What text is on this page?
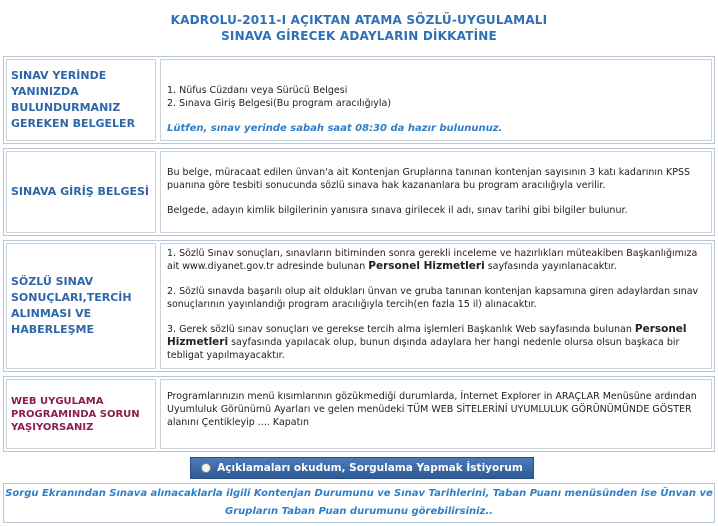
KADROLU-2011-I AÇIKTAN ATAMA SÖZLÜ-UYGULAMALI
SINAVA GİRECEK ADAYLARIN DİKKATİNE
SINAV YERİNDE YANINIZDA BULUNDURMANIZ GEREKEN BELGELER

1. Nüfus Cüzdanı veya Sürücü Belgesi

2. Sınava Giriş Belgesi(Bu program aracılığıyla)

Lütfen, sınav yerinde sabah saat 08:30 da hazır bulununuz.

SINAVA GİRİŞ BELGESİ

Bu belge, müracaat edilen ünvan'a ait Kontenjan Gruplarına tanınan kontenjan sayısının 3 katı kadarının KPSS puanına göre tesbiti sonucunda sözlü sınava hak kazananlara bu program aracılığıyla verilir.

Belgede, adayın kimlik bilgilerinin yanısıra sınava girilecek il adı, sınav tarihi gibi bilgiler bulunur.

SÖZLÜ SINAV SONUÇLARI,TERCİH ALINMASI VE HABERLEŞME

1. Sözlü Sınav sonuçları, sınavların bitiminden sonra gerekli inceleme ve hazırlıkları müteakiben Başkanlığımıza ait www.diyanet.gov.tr adresinde bulunan Personel Hizmetleri sayfasında yayınlanacaktır.

2. Sözlü sınavda başarılı olup ait oldukları ünvan ve gruba tanınan kontenjan kapsamına giren adaylardan sınav sonuçlarının yayınlandığı program aracılığıyla tercih(en fazla 15 il) alınacaktır.

3. Gerek sözlü sınav sonuçları ve gerekse tercih alma işlemleri Başkanlık Web sayfasında bulunan Personel Hizmetleri sayfasında yapılacak olup, bunun dışında adaylara her hangi nedenle olursa olsun başkaca bir tebligat yapılmayacaktır.

WEB UYGULAMA PROGRAMINDA SORUN YAŞIYORSANIZ

Programlarınızın menü kısımlarının gözükmediği durumlarda, İnternet Explorer in ARAÇLAR Menüsüne ardından Uyumluluk Görünümü Ayarları ve gelen menüdeki TÜM WEB SİTELERİNİ UYUMLULUK GÖRÜNÜMÜNDE GÖSTER alanını Çentikleyip .... Kapatın

Açıklamaları okudum, Sorgulama Yapmak İstiyorum
Sorgu Ekranından Sınava alınacaklarla ilgili Kontenjan Durumunu ve Sınav Tarihlerini, Taban Puanı menüsünden ise Ünvan ve Grupların Taban Puan durumunu görebilirsiniz..
